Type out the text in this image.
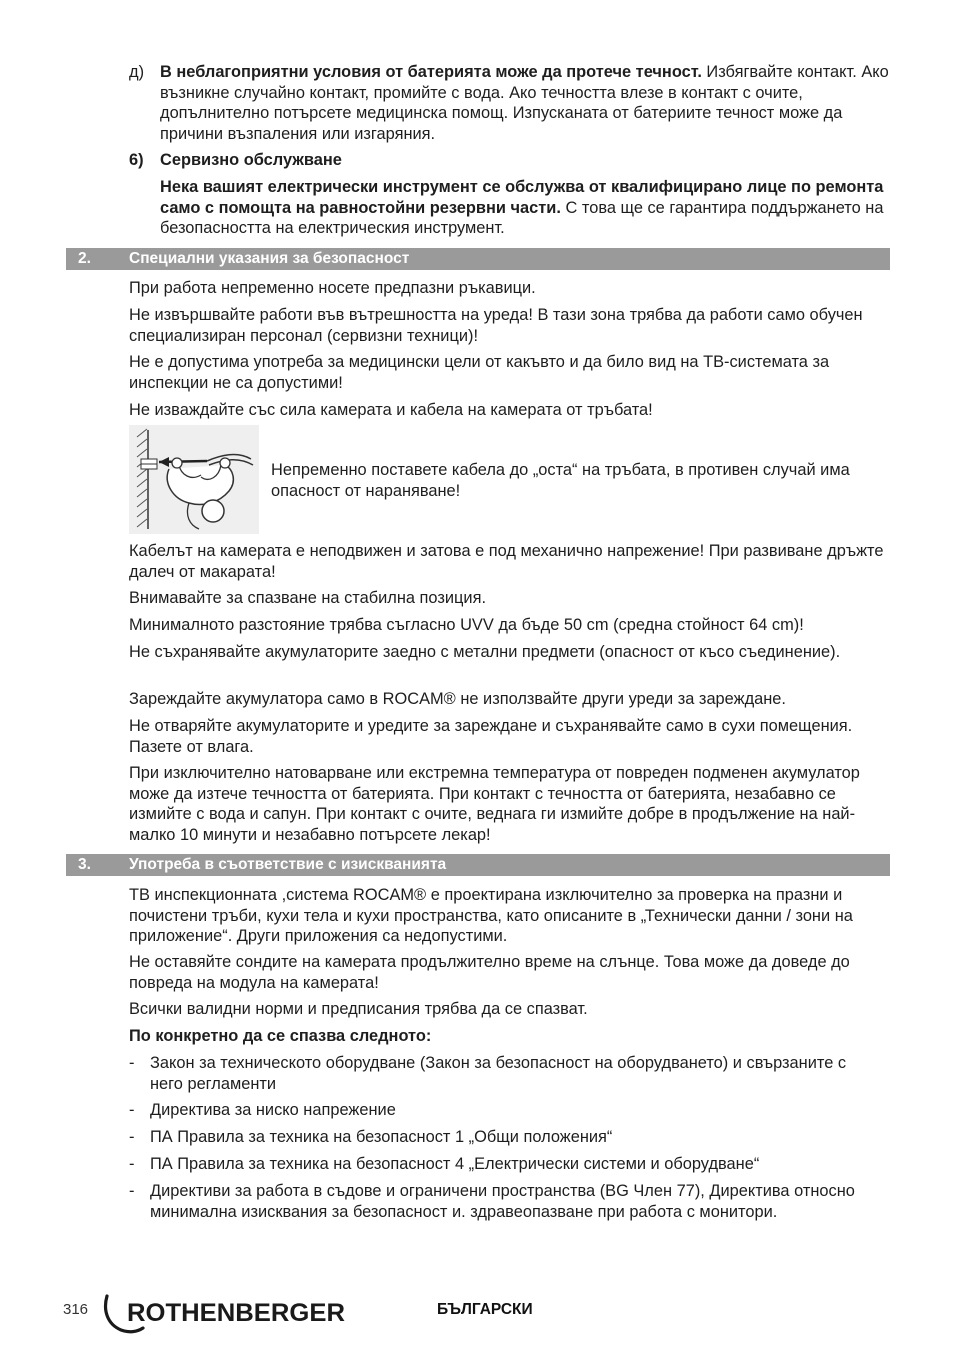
д) В неблагоприятни условия от батерията може да протече течност. Избягвайте контакт. Ако възникне случайно контакт, промийте с вода. Ако течността влезе в контакт с очите, допълнително потърсете медицинска помощ. Изпусканата от батериите течност може да причини възпаления или изгаряния.

6) Сервизно обслужване

Нека вашият електрически инструмент се обслужва от квалифицирано лице по ремонта само с помощта на равностойни резервни части. С това ще се гарантира поддържането на безопасността на електрическия инструмент.

2. Специални указания за безопасност

При работа непременно носете предпазни ръкавици.

Не извършвайте работи във вътрешността на уреда! В тази зона трябва да работи само обучен специализиран персонал (сервизни техници)!

Не е допустима употреба за медицински цели от какъвто и да било вид на ТВ-системата за инспекции не са допустими!

Не изваждайте със сила камерата и кабела на камерата от тръбата!

Непременно поставете кабела до „оста“ на тръбата, в противен случай има опасност от нараняване!

Кабелът на камерата е неподвижен и затова е под механично напрежение! При развиване дръжте далеч от макарата!

Внимавайте за спазване на стабилна позиция.

Минималното разстояние трябва съгласно UVV да бъде 50 cm (средна стойност 64 cm)!

Не съхранявайте акумулаторите заедно с метални предмети (опасност от късо съединение).

Зареждайте акумулатора само в ROCAM® не използвайте други уреди за зареждане.

Не отваряйте акумулаторите и уредите за зареждане и съхранявайте само в сухи помещения. Пазете от влага.

При изключително натоварване или екстремна температура от повреден подменен акумулатор може да изтече течността от батерията. При контакт с течността от батерията, незабавно се измийте с вода и сапун. При контакт с очите, веднага ги измийте добре в продължение на най-малко 10 минути и незабавно потърсете лекар!

3. Употреба в съответствие с изискванията

ТВ инспекционната ,система ROCAM® е проектирана изключително за проверка на празни и почистени тръби, кухи тела и кухи пространства, като описаните в „Технически данни / зони на приложение“. Други приложения са недопустими.

Не оставяйте сондите на камерата продължително време на слънце. Това може да доведе до повреда на модула на камерата!

Всички валидни норми и предписания трябва да се спазват.

По конкретно да се спазва следното:

- Закон за техническото оборудване (Закон за безопасност на оборудването) и свързаните с него регламенти
- Директива за ниско напрежение
- ПА Правила за техника на безопасност 1 „Общи положения“
- ПА Правила за техника на безопасност 4 „Електрически системи и оборудване“
- Директиви за работа в съдове и ограничени пространства (BG Член 77), Директива относно минимална изисквания за безопасност и. здравеопазване при работа с монитори.
316 ROTHENBERGER	БЪЛГАРСКИ
